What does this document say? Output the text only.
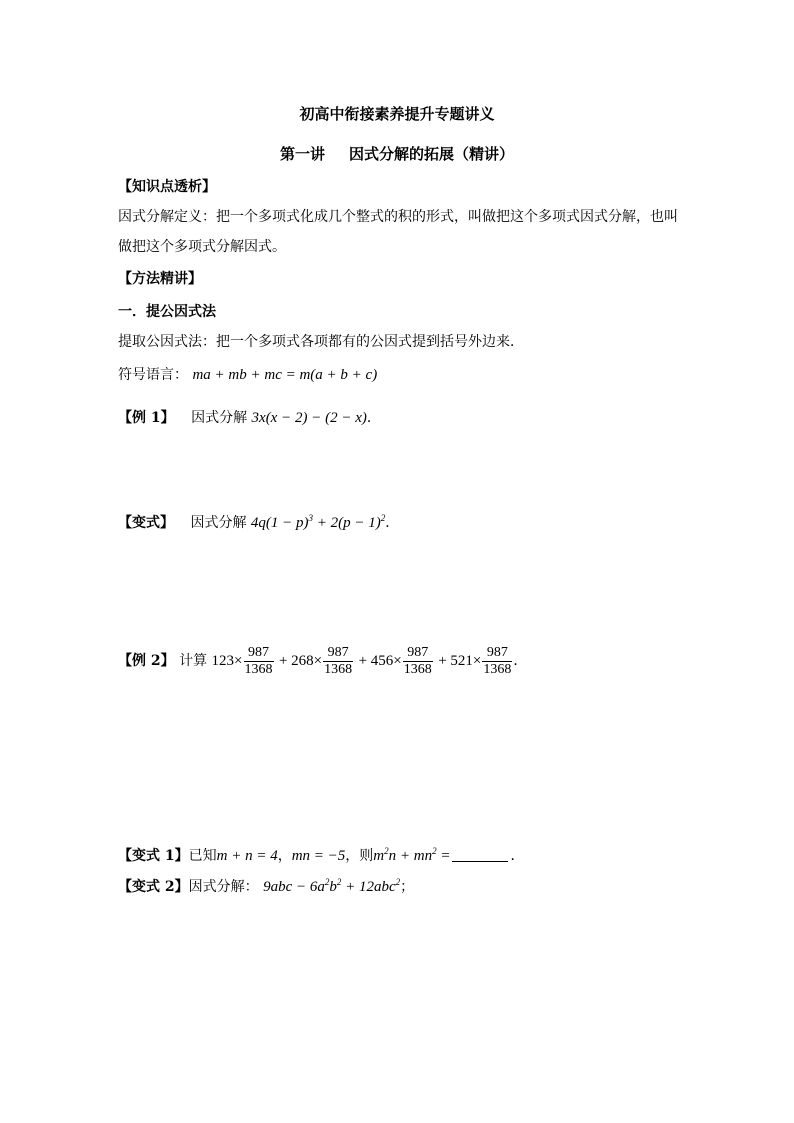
初高中衔接素养提升专题讲义
第一讲 因式分解的拓展（精讲）
【知识点透析】
因式分解定义：把一个多项式化成几个整式的积的形式，叫做把这个多项式因式分解，也叫
做把这个多项式分解因式。
【方法精讲】
一．提公因式法
提取公因式法：把一个多项式各项都有的公因式提到括号外边来．
符号语言： ma + mb + mc = m(a + b + c)
【例 1】 因式分解 3x(x − 2) − (2 − x)．
【变式】 因式分解 $4q(1 - p)^3 + 2(p - 1)^2$．
【例 2】 计算 $123\times \frac{987}{1368} + 268\times \frac{987}{1368} + 456\times \frac{987}{1368} + 521\times \frac{987}{1368}$ ．
【变式 1】已知m + n = 4，mn = −5，则$m^2n + mn^2$ =	．
【变式 2】因式分解： $9abc - 6a^2b^2 + 12abc^2$；
